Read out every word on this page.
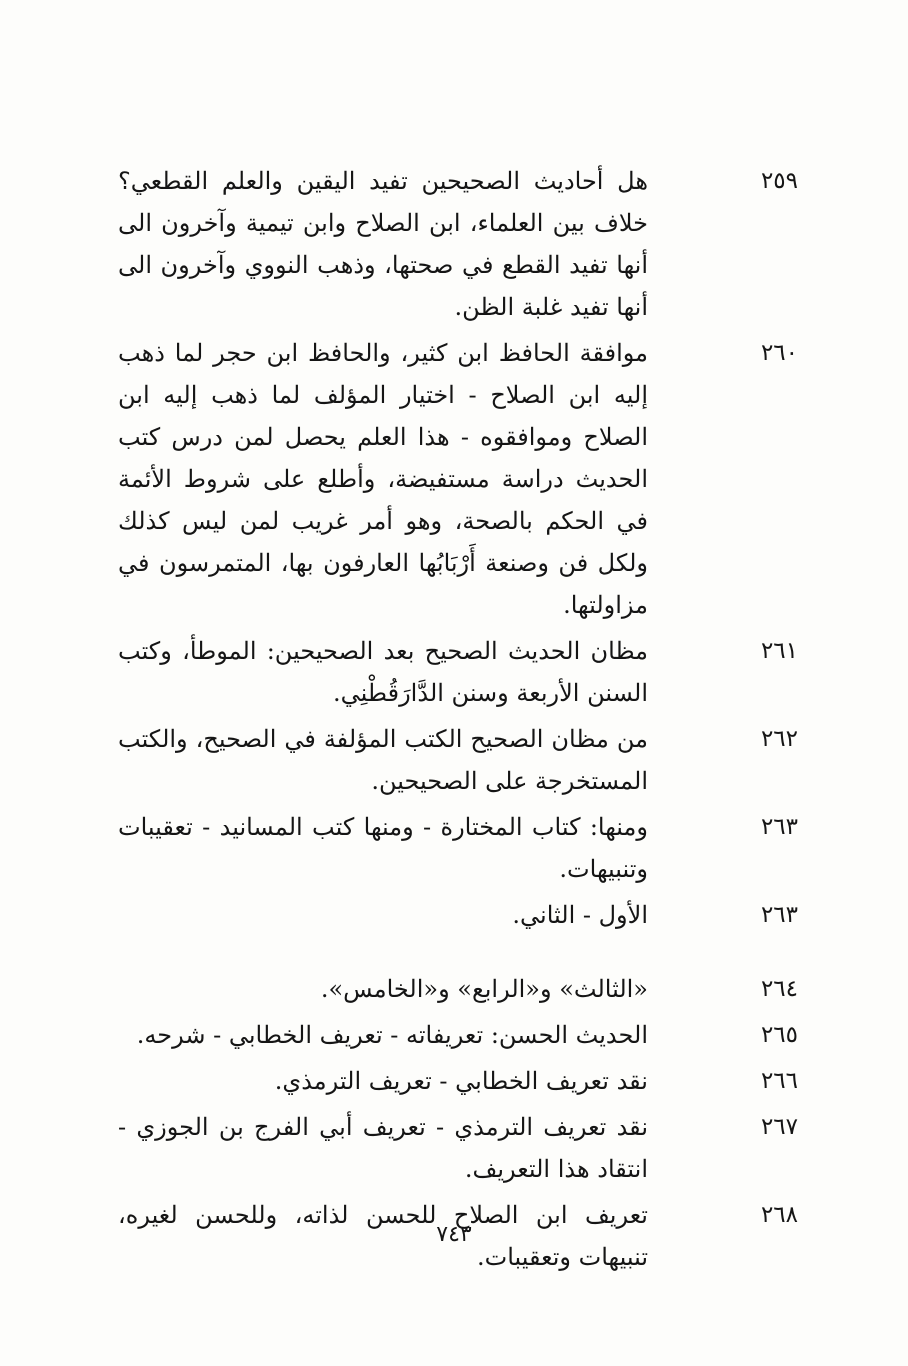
٢٥٩
هل أحاديث الصحيحين تفيد اليقين والعلم القطعي؟ خلاف بين العلماء، ابن الصلاح وابن تيمية وآخرون الى أنها تفيد القطع في صحتها، وذهب النووي وآخرون الى أنها تفيد غلبة الظن.
٢٦٠
موافقة الحافظ ابن كثير، والحافظ ابن حجر لما ذهب إليه ابن الصلاح - اختيار المؤلف لما ذهب إليه ابن الصلاح وموافقوه - هذا العلم يحصل لمن درس كتب الحديث دراسة مستفيضة، وأطلع على شروط الأئمة في الحكم بالصحة، وهو أمر غريب لمن ليس كذلك ولكل فن وصنعة أَرْبَابُها العارفون بها، المتمرسون في مزاولتها.
٢٦١
مظان الحديث الصحيح بعد الصحيحين: الموطأ، وكتب السنن الأربعة وسنن الدَّارَقُطْنِي.
٢٦٢
من مظان الصحيح الكتب المؤلفة في الصحيح، والكتب المستخرجة على الصحيحين.
٢٦٣
ومنها: كتاب المختارة - ومنها كتب المسانيد - تعقيبات وتنبيهات.
٢٦٣
الأول - الثاني.
٢٦٤
«الثالث» و«الرابع» و«الخامس».
٢٦٥
الحديث الحسن: تعريفاته - تعريف الخطابي - شرحه.
٢٦٦
نقد تعريف الخطابي - تعريف الترمذي.
٢٦٧
نقد تعريف الترمذي - تعريف أبي الفرج بن الجوزي - انتقاد هذا التعريف.
٢٦٨
تعريف ابن الصلاح للحسن لذاته، وللحسن لغيره، تنبيهات وتعقيبات.
٧٤٣
